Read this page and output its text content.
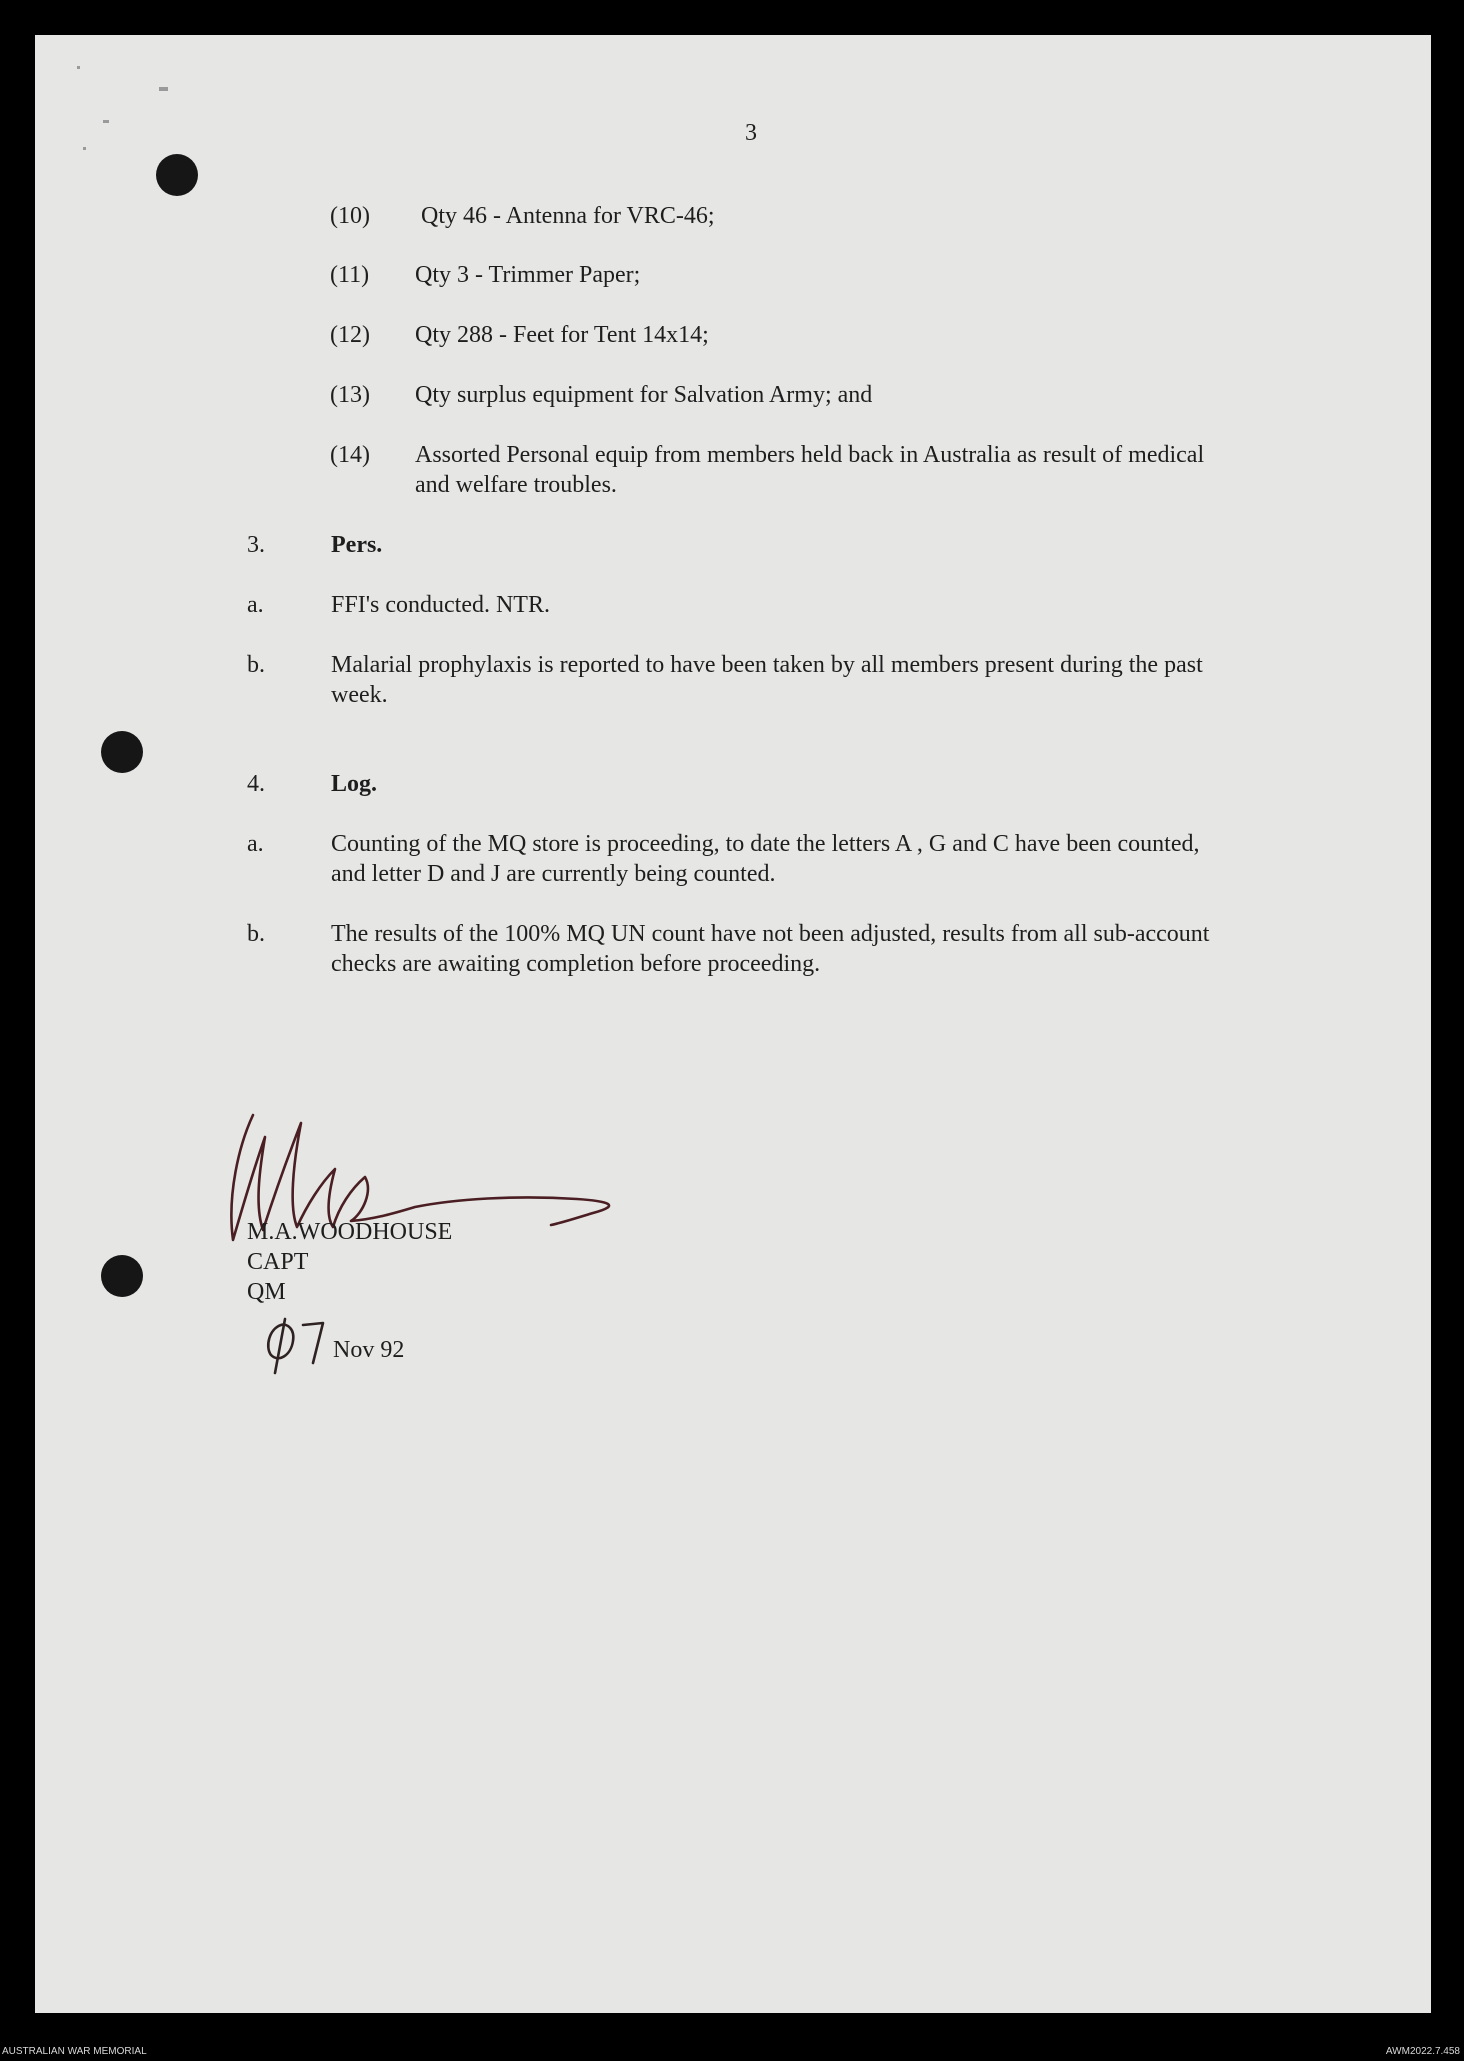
3
(10) Qty 46 - Antenna for VRC-46;
(11) Qty 3 - Trimmer Paper;
(12) Qty 288 - Feet for Tent 14x14;
(13) Qty surplus equipment for Salvation Army; and
(14) Assorted Personal equip from members held back in Australia as result of medical and welfare troubles.
3.	Pers.
a.	FFI's conducted. NTR.
b.	Malarial prophylaxis is reported to have been taken by all members present during the past week.
4.	Log.
a.	Counting of the MQ store is proceeding, to date the letters A , G and C have been counted, and letter D and J are currently being counted.
b.	The results of the 100% MQ UN count have not been adjusted, results from all sub-account checks are awaiting completion before proceeding.
M.A.WOODHOUSE
CAPT
QM
Nov 92
AUSTRALIAN WAR MEMORIAL	AWM2022.7.458
